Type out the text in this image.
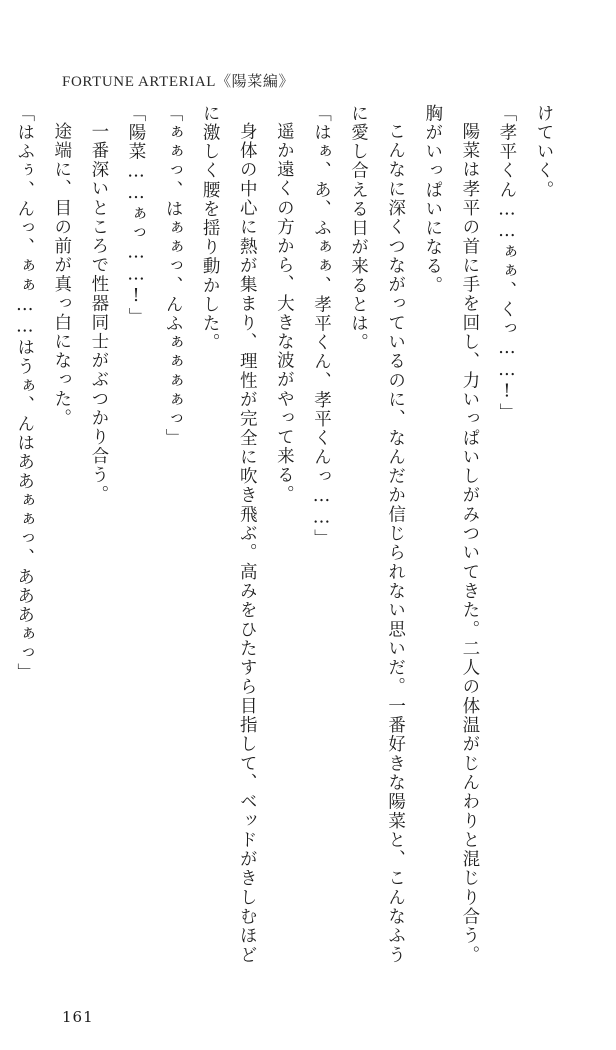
FORTUNE ARTERIAL《陽菜編》

けていく。

「孝平くん……ぁぁ、くっ……!」

陽菜は孝平の首に手を回し、力いっぱいしがみついてきた。二人の体温がじんわりと混じり合う。胸がいっぱいになる。

こんなに深くつながっているのに、なんだか信じられない思いだ。一番好きな陽菜と、こんなふうに愛し合える日が来るとは。

「はぁ、あ、ふぁぁ、孝平くん、孝平くんっ……」

遥か遠くの方から、大きな波がやって来る。

身体の中心に熱が集まり、理性が完全に吹き飛ぶ。高みをひたすら目指して、ベッドがきしむほどに激しく腰を揺り動かした。

「ぁぁっ、はぁぁっ、んふぁぁぁぁっ」

「陽菜……ぁっ……!」

一番深いところで性器同士がぶつかり合う。

途端に、目の前が真っ白になった。

「はふぅ、んっ、ぁぁ……はうぁ、んはああぁぁっ、あああぁっ」

161
